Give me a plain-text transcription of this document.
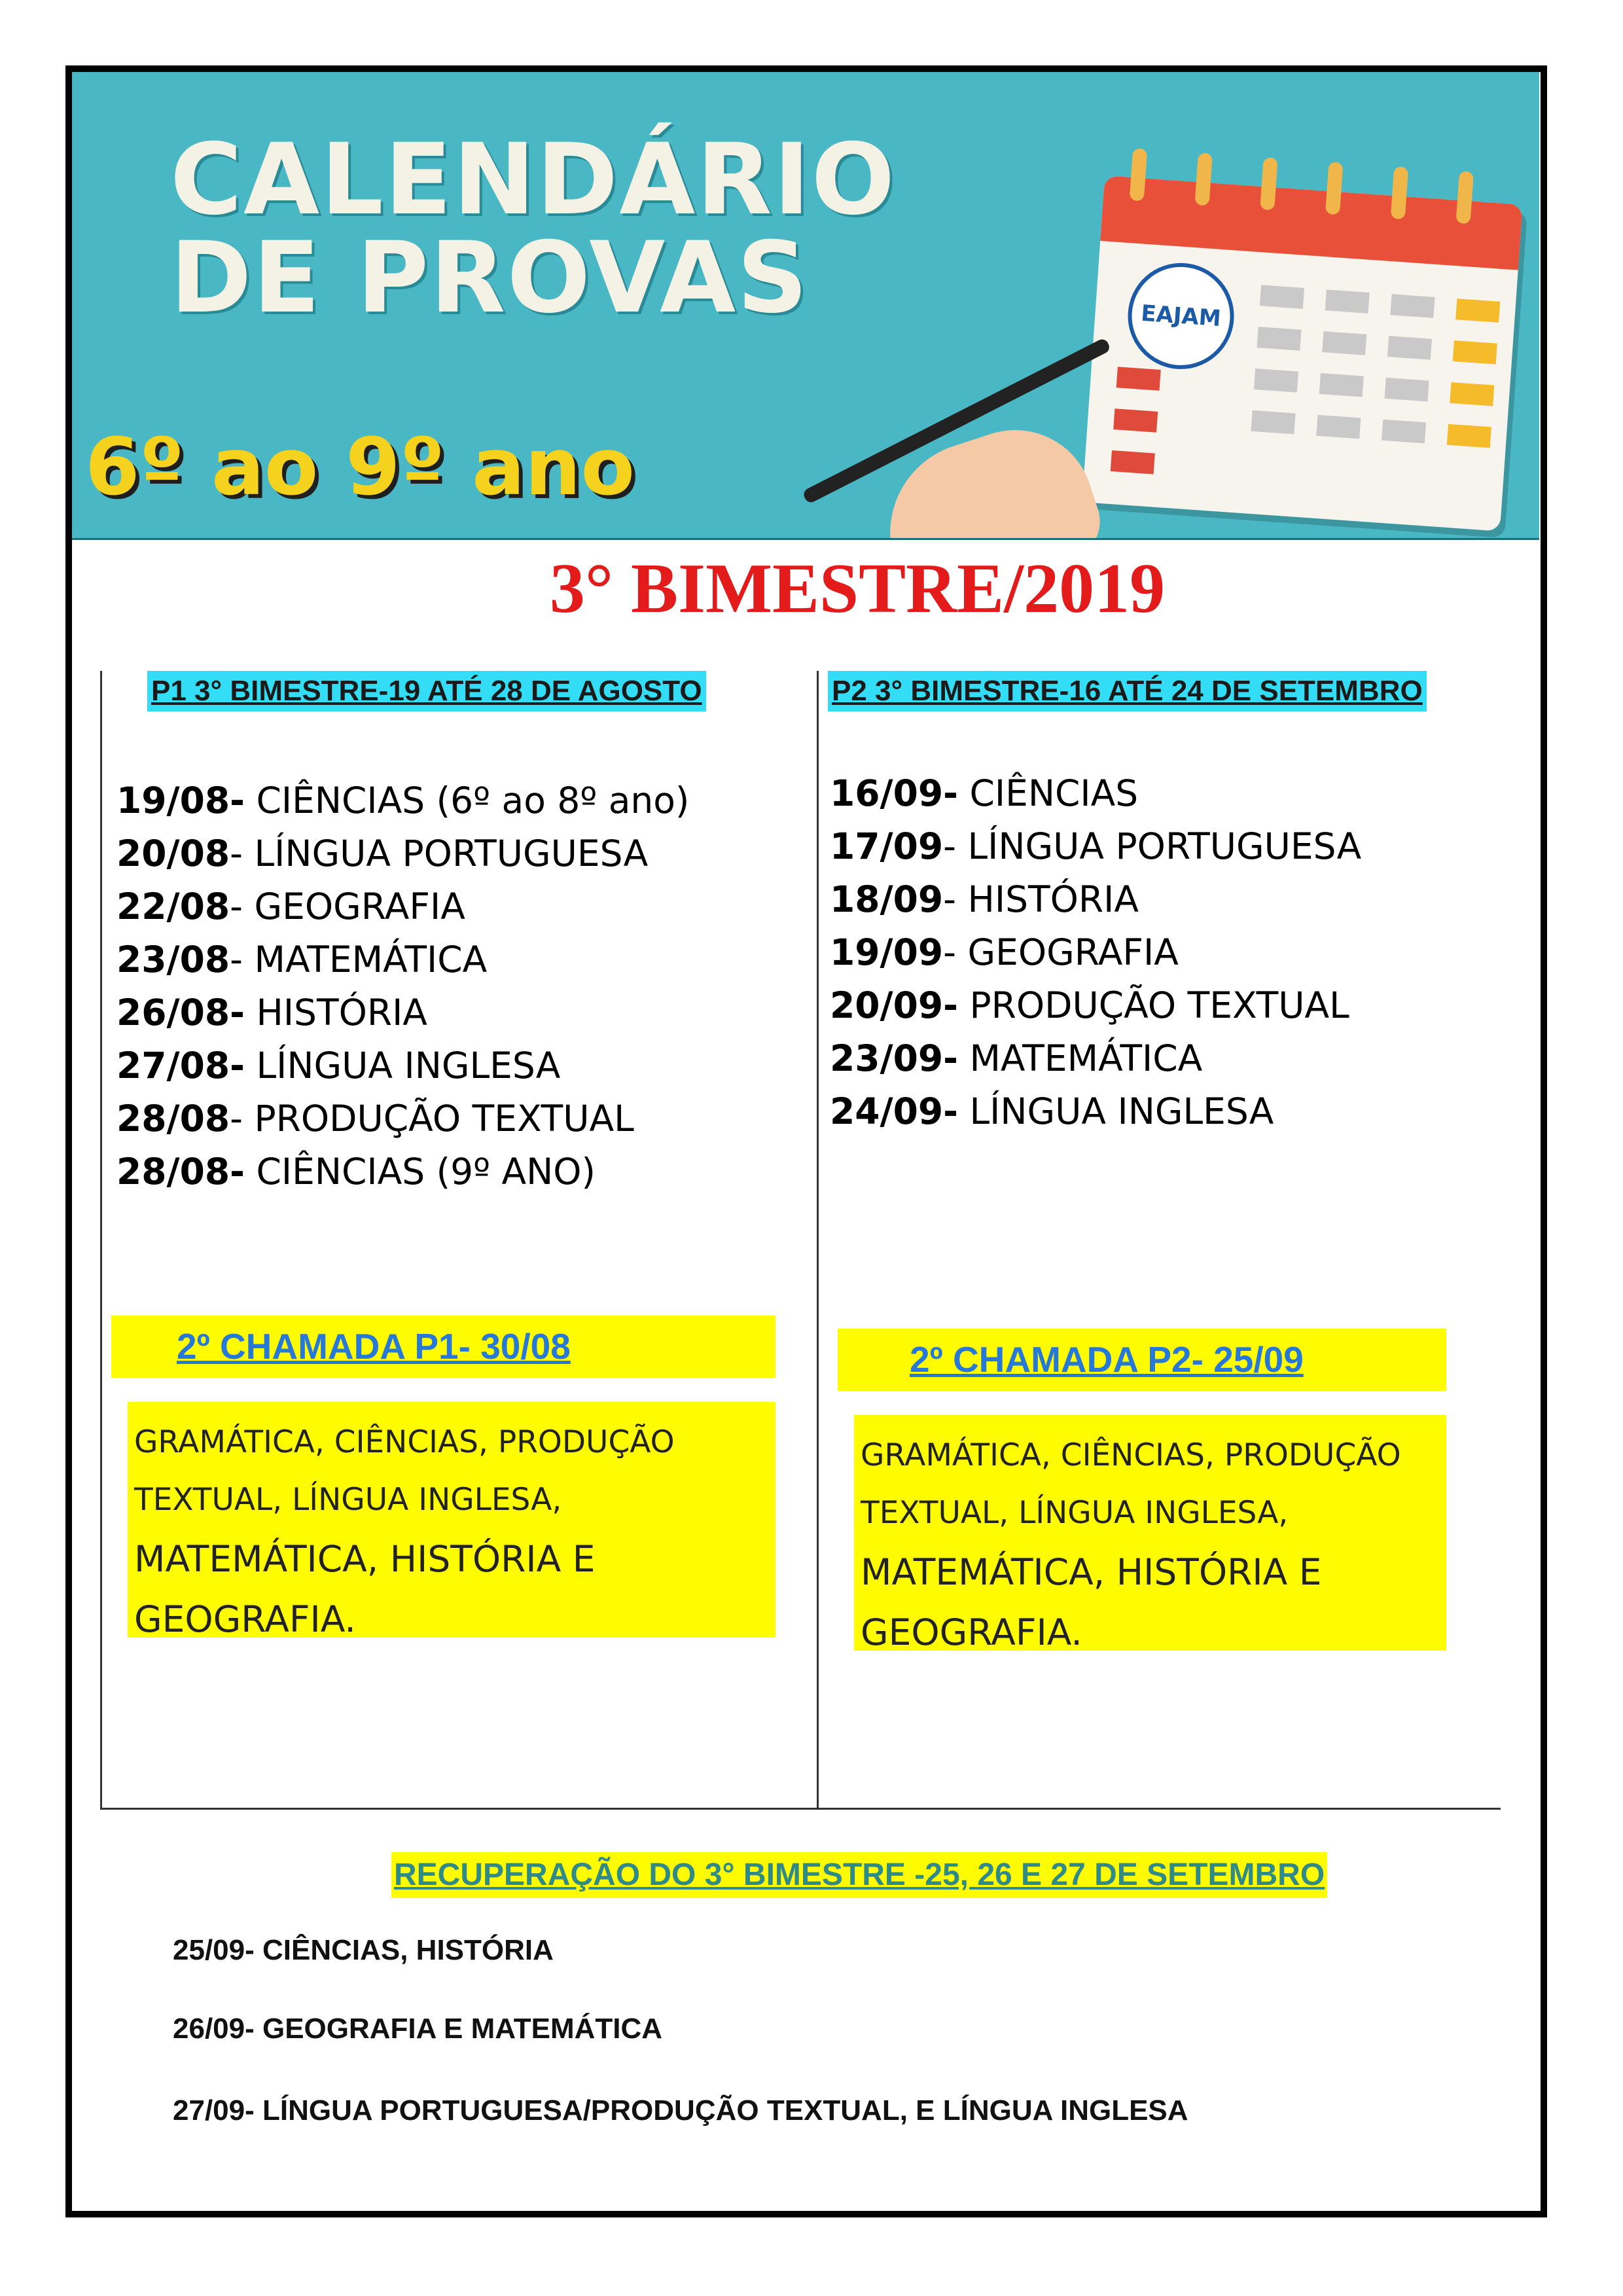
CALENDÁRIO
DE PROVAS
6º ao 9º ano
EAJAM
3° BIMESTRE/2019
P1 3° BIMESTRE-19 ATÉ 28 DE AGOSTO
19/08- CIÊNCIAS (6º ao 8º ano)
20/08- LÍNGUA PORTUGUESA
22/08- GEOGRAFIA
23/08- MATEMÁTICA
26/08- HISTÓRIA
27/08- LÍNGUA INGLESA
28/08- PRODUÇÃO TEXTUAL
28/08- CIÊNCIAS (9º ANO)
2º CHAMADA P1- 30/08
GRAMÁTICA, CIÊNCIAS, PRODUÇÃO
TEXTUAL, LÍNGUA INGLESA,
MATEMÁTICA, HISTÓRIA E
GEOGRAFIA.
P2 3° BIMESTRE-16 ATÉ 24 DE SETEMBRO
16/09- CIÊNCIAS
17/09- LÍNGUA PORTUGUESA
18/09- HISTÓRIA
19/09- GEOGRAFIA
20/09- PRODUÇÃO TEXTUAL
23/09- MATEMÁTICA
24/09- LÍNGUA INGLESA
2º CHAMADA P2- 25/09
GRAMÁTICA, CIÊNCIAS, PRODUÇÃO
TEXTUAL, LÍNGUA INGLESA,
MATEMÁTICA, HISTÓRIA E
GEOGRAFIA.
RECUPERAÇÃO DO 3° BIMESTRE -25, 26 E 27 DE SETEMBRO
25/09- CIÊNCIAS, HISTÓRIA
26/09- GEOGRAFIA E MATEMÁTICA
27/09- LÍNGUA PORTUGUESA/PRODUÇÃO TEXTUAL, E LÍNGUA INGLESA
